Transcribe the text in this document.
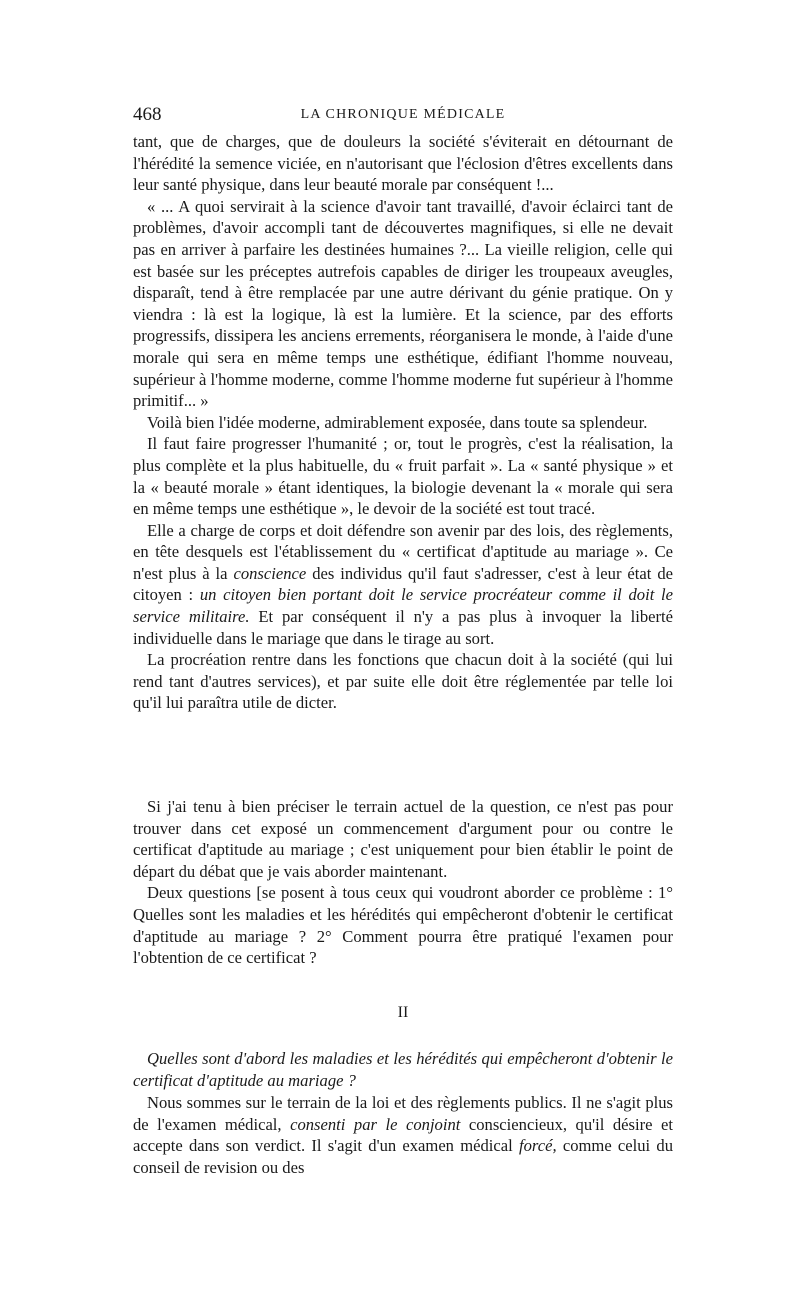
468	LA CHRONIQUE MÉDICALE

tant, que de charges, que de douleurs la société s'éviterait en détournant de l'hérédité la semence viciée, en n'autorisant que l'éclosion d'êtres excellents dans leur santé physique, dans leur beauté morale par conséquent !...

« ... A quoi servirait à la science d'avoir tant travaillé, d'avoir éclairci tant de problèmes, d'avoir accompli tant de découvertes magnifiques, si elle ne devait pas en arriver à parfaire les destinées humaines ?... La vieille religion, celle qui est basée sur les préceptes autrefois capables de diriger les troupeaux aveugles, disparaît, tend à être remplacée par une autre dérivant du génie pratique. On y viendra : là est la logique, là est la lumière. Et la science, par des efforts progressifs, dissipera les anciens errements, réorganisera le monde, à l'aide d'une morale qui sera en même temps une esthétique, édifiant l'homme nouveau, supérieur à l'homme moderne, comme l'homme moderne fut supérieur à l'homme primitif... »

Voilà bien l'idée moderne, admirablement exposée, dans toute sa splendeur.

Il faut faire progresser l'humanité ; or, tout le progrès, c'est la réalisation, la plus complète et la plus habituelle, du « fruit parfait ». La « santé physique » et la « beauté morale » étant identiques, la biologie devenant la « morale qui sera en même temps une esthétique », le devoir de la société est tout tracé.

Elle a charge de corps et doit défendre son avenir par des lois, des règlements, en tête desquels est l'établissement du « certificat d'aptitude au mariage ». Ce n'est plus à la conscience des individus qu'il faut s'adresser, c'est à leur état de citoyen : un citoyen bien portant doit le service procréateur comme il doit le service militaire. Et par conséquent il n'y a pas plus à invoquer la liberté individuelle dans le mariage que dans le tirage au sort.

La procréation rentre dans les fonctions que chacun doit à la société (qui lui rend tant d'autres services), et par suite elle doit être réglementée par telle loi qu'il lui paraîtra utile de dicter.

Si j'ai tenu à bien préciser le terrain actuel de la question, ce n'est pas pour trouver dans cet exposé un commencement d'argument pour ou contre le certificat d'aptitude au mariage ; c'est uniquement pour bien établir le point de départ du débat que je vais aborder maintenant.

Deux questions [se posent à tous ceux qui voudront aborder ce problème : 1° Quelles sont les maladies et les hérédités qui empêcheront d'obtenir le certificat d'aptitude au mariage ? 2° Comment pourra être pratiqué l'examen pour l'obtention de ce certificat ?

II

Quelles sont d'abord les maladies et les hérédités qui empêcheront d'obtenir le certificat d'aptitude au mariage ?

Nous sommes sur le terrain de la loi et des règlements publics. Il ne s'agit plus de l'examen médical, consenti par le conjoint consciencieux, qu'il désire et accepte dans son verdict. Il s'agit d'un examen médical forcé, comme celui du conseil de revision ou des
